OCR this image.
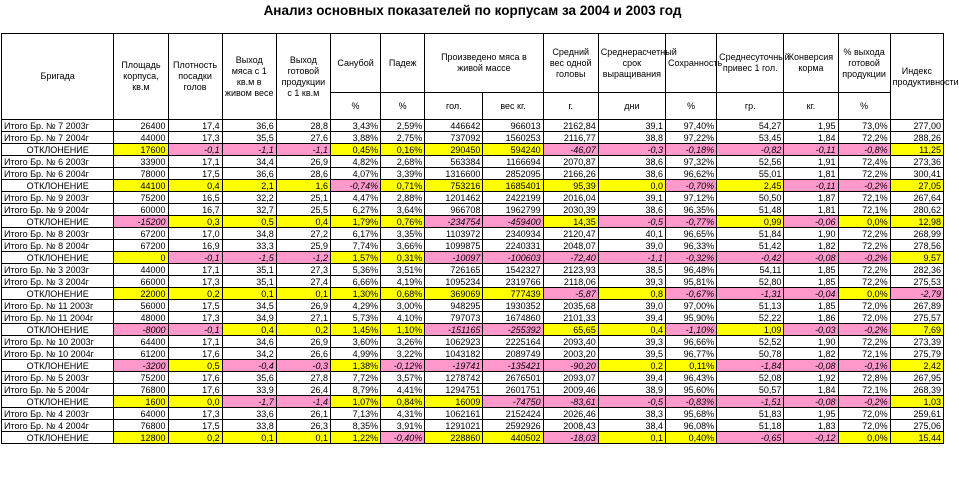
Анализ основных показателей по корпусам за 2004 и 2003 год
Бригада	Площадь корпуса, кв.м	Плотность посадки голов	Выход мяса с 1 кв.м в живом весе	Выход готовой продукции с 1 кв.м	Санубой	Падеж	Произведено мяса в живой массе		Средний вес одной головы	Среднерасчетный срок выращивания	Сохранность	Среднесуточный привес 1 гол.	Конверсия корма	% выхода готовой продукции	Индекс продуктивности
					%	%	гол.	вес кг.	г.	дни	%	гр.	кг.	%	
Итого Бр. № 7 2003г	26400	17,4	36,6	28,8	3,43%	2,59%	446642	966013	2162,84	39,1	97,40%	54,27	1,95	73,0%	277,00
Итого Бр. № 7 2004г	44000	17,3	35,5	27,6	3,88%	2,75%	737092	1560253	2116,77	38,8	97,22%	53,45	1,84	72,2%	288,26
ОТКЛОНЕНИЕ	17600	-0,1	-1,1	-1,1	0,45%	0,16%	290450	594240	-46,07	-0,3	-0,18%	-0,82	-0,11	-0,8%	11,25
Итого Бр. № 6 2003г	33900	17,1	34,4	26,9	4,82%	2,68%	563384	1166694	2070,87	38,6	97,32%	52,56	1,91	72,4%	273,36
Итого Бр. № 6 2004г	78000	17,5	36,6	28,6	4,07%	3,39%	1316600	2852095	2166,26	38,6	96,62%	55,01	1,81	72,2%	300,41
ОТКЛОНЕНИЕ	44100	0,4	2,1	1,6	-0,74%	0,71%	753216	1685401	95,39	0,0	-0,70%	2,45	-0,11	-0,2%	27,05
Итого Бр. № 9 2003г	75200	16,5	32,2	25,1	4,47%	2,88%	1201462	2422199	2016,04	39,1	97,12%	50,50	1,87	72,1%	267,64
Итого Бр. № 9 2004г	60000	16,7	32,7	25,5	6,27%	3,64%	966708	1962799	2030,39	38,6	96,35%	51,48	1,81	72,1%	280,62
ОТКЛОНЕНИЕ	-15200	0,3	0,5	0,4	1,79%	0,76%	-234754	-459400	14,35	-0,5	-0,77%	0,99	-0,06	0,0%	12,98
Итого Бр. № 8 2003г	67200	17,0	34,8	27,2	6,17%	3,35%	1103972	2340934	2120,47	40,1	96,65%	51,84	1,90	72,2%	268,99
Итого Бр. № 8 2004г	67200	16,9	33,3	25,9	7,74%	3,66%	1099875	2240331	2048,07	39,0	96,33%	51,42	1,82	72,2%	278,56
ОТКЛОНЕНИЕ	0	-0,1	-1,5	-1,2	1,57%	0,31%	-10097	-100603	-72,40	-1,1	-0,32%	-0,42	-0,08	-0,2%	9,57
Итого Бр. № 3 2003г	44000	17,1	35,1	27,3	5,36%	3,51%	726165	1542327	2123,93	38,5	96,48%	54,11	1,85	72,2%	282,36
Итого Бр. № 3 2004г	66000	17,3	35,1	27,4	6,66%	4,19%	1095234	2319766	2118,06	39,3	95,81%	52,80	1,85	72,2%	275,53
ОТКЛОНЕНИЕ	22000	0,2	0,1	0,1	1,30%	0,68%	369069	777439	-5,87	0,8	-0,67%	-1,31	-0,04	0,0%	-2,79
Итого Бр. № 11 2003г	56000	17,5	34,5	26,9	4,29%	3,00%	948295	1930352	2035,68	39,0	97,00%	51,13	1,85	72,0%	267,89
Итого Бр. № 11 2004г	48000	17,3	34,9	27,1	5,73%	4,10%	797073	1674860	2101,33	39,4	95,90%	52,22	1,86	72,0%	275,57
ОТКЛОНЕНИЕ	-8000	-0,1	0,4	0,2	1,45%	1,10%	-151165	-255392	65,65	0,4	-1,10%	1,09	-0,03	-0,2%	7,69
Итого Бр. № 10 2003г	64400	17,1	34,6	26,9	3,60%	3,26%	1062923	2225164	2093,40	39,3	96,66%	52,52	1,90	72,2%	273,39
Итого Бр. № 10 2004г	61200	17,6	34,2	26,6	4,99%	3,22%	1043182	2089749	2003,20	39,5	96,77%	50,78	1,82	72,1%	275,79
ОТКЛОНЕНИЕ	-3200	0,5	-0,4	-0,3	1,38%	-0,12%	-19741	-135421	-90,20	0,2	0,11%	-1,84	-0,08	-0,1%	2,42
Итого Бр. № 5 2003г	75200	17,6	35,6	27,8	7,72%	3,57%	1278742	2676501	2093,07	39,4	96,43%	52,08	1,92	72,8%	267,95
Итого Бр. № 5 2004г	76800	17,6	33,9	26,4	8,79%	4,41%	1294751	2601751	2009,46	38,9	95,60%	50,57	1,84	72,1%	268,39
ОТКЛОНЕНИЕ	1600	0,0	-1,7	-1,4	1,07%	0,84%	16009	-74750	-83,61	-0,5	-0,83%	-1,51	-0,08	-0,2%	1,03
Итого Бр. № 4 2003г	64000	17,3	33,6	26,1	7,13%	4,31%	1062161	2152424	2026,46	38,3	95,68%	51,83	1,95	72,0%	259,61
Итого Бр. № 4 2004г	76800	17,5	33,8	26,3	8,35%	3,91%	1291021	2592926	2008,43	38,4	96,08%	51,18	1,83	72,0%	275,06
ОТКЛОНЕНИЕ	12800	0,2	0,1	0,1	1,22%	-0,40%	228860	440502	-18,03	0,1	0,40%	-0,65	-0,12	0,0%	15,44
